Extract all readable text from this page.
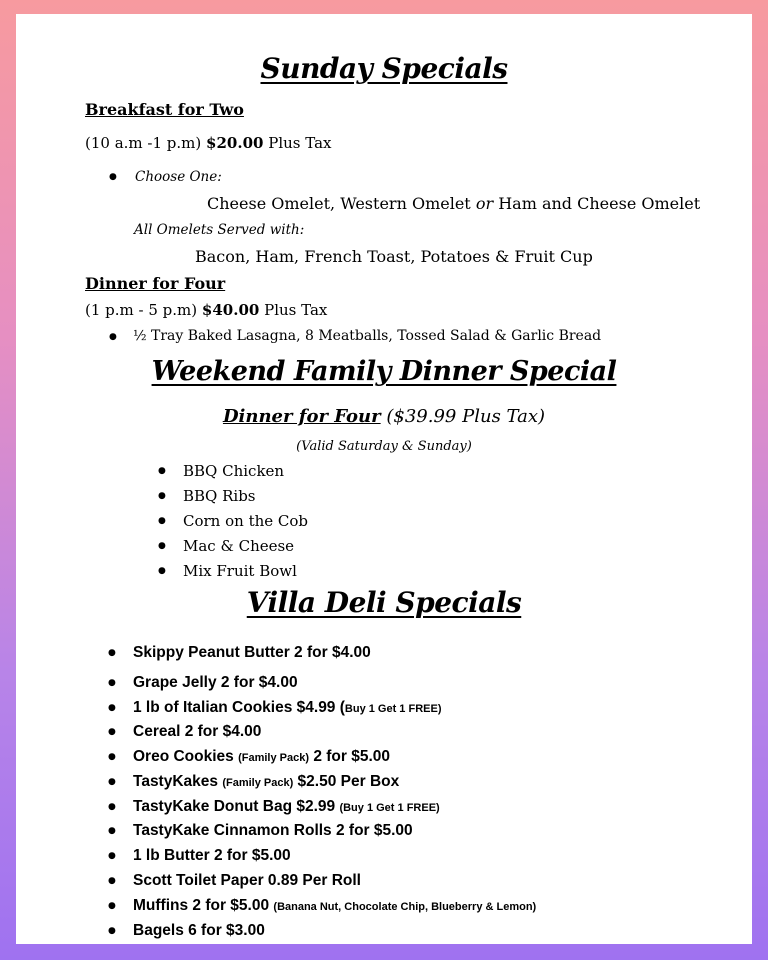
Sunday Specials
Breakfast for Two
(10 a.m -1 p.m) $20.00 Plus Tax
● Choose One:
Cheese Omelet, Western Omelet or Ham and Cheese Omelet
All Omelets Served with:
Bacon, Ham, French Toast, Potatoes & Fruit Cup
Dinner for Four
(1 p.m - 5 p.m) $40.00 Plus Tax
● ½ Tray Baked Lasagna, 8 Meatballs, Tossed Salad & Garlic Bread
Weekend Family Dinner Special
Dinner for Four ($39.99 Plus Tax)
(Valid Saturday & Sunday)
● BBQ Chicken
● BBQ Ribs
● Corn on the Cob
● Mac & Cheese
● Mix Fruit Bowl
Villa Deli Specials
● Skippy Peanut Butter 2 for $4.00
● Grape Jelly 2 for $4.00
● 1 lb of Italian Cookies $4.99 (Buy 1 Get 1 FREE)
● Cereal 2 for $4.00
● Oreo Cookies (Family Pack) 2 for $5.00
● TastyKakes (Family Pack) $2.50 Per Box
● TastyKake Donut Bag $2.99 (Buy 1 Get 1 FREE)
● TastyKake Cinnamon Rolls 2 for $5.00
● 1 lb Butter 2 for $5.00
● Scott Toilet Paper 0.89 Per Roll
● Muffins 2 for $5.00 (Banana Nut, Chocolate Chip, Blueberry & Lemon)
● Bagels 6 for $3.00
